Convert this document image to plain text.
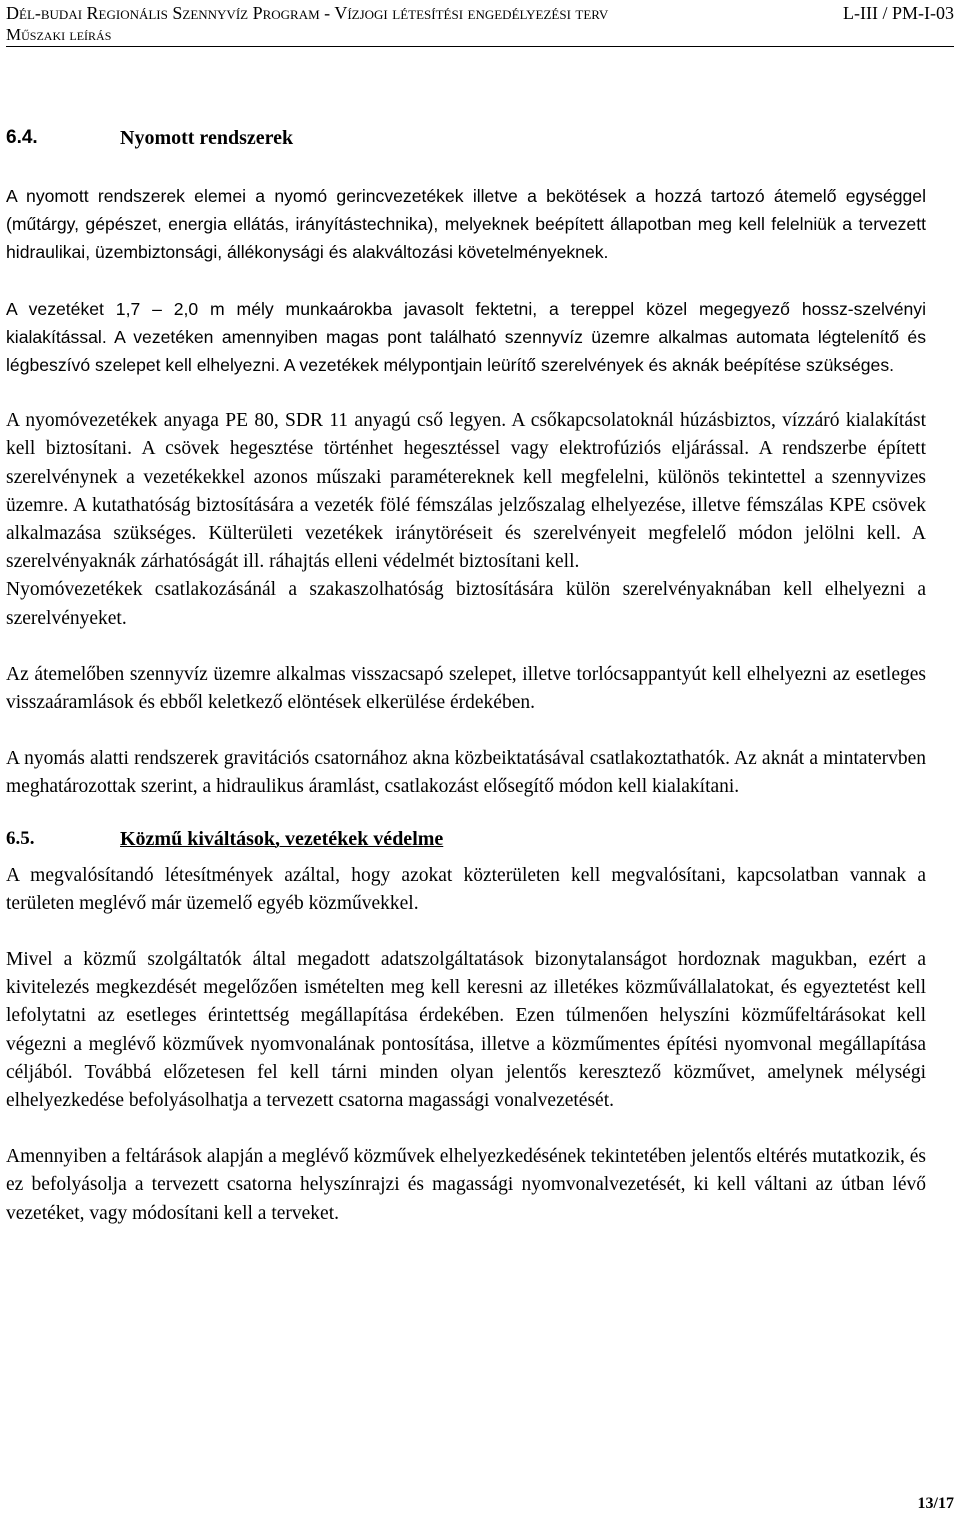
Dél-budai Regionális Szennyvíz Program - Vízjogi létesítési engedélyezési terv	L-III / PM-I-03
Műszaki leírás
6.4.	Nyomott rendszerek

A nyomott rendszerek elemei a nyomó gerincvezetékek illetve a bekötések a hozzá tartozó átemelő egységgel (műtárgy, gépészet, energia ellátás, irányítástechnika), melyeknek beépített állapotban meg kell felelniük a tervezett hidraulikai, üzembiztonsági, állékonysági és alakváltozási követelményeknek.

A vezetéket 1,7 – 2,0 m mély munkaárokba javasolt fektetni, a tereppel közel megegyező hossz-szelvényi kialakítással. A vezetéken amennyiben magas pont található szennyvíz üzemre alkalmas automata légtelenítő és légbeszívó szelepet kell elhelyezni. A vezetékek mélypontjain leürítő szerelvények és aknák beépítése szükséges.

A nyomóvezetékek anyaga PE 80, SDR 11 anyagú cső legyen. A csőkapcsolatoknál húzásbiztos, vízzáró kialakítást kell biztosítani. A csövek hegesztése történhet hegesztéssel vagy elektrofúziós eljárással. A rendszerbe épített szerelvénynek a vezetékekkel azonos műszaki paramétereknek kell megfelelni, különös tekintettel a szennyvizes üzemre. A kutathatóság biztosítására a vezeték fölé fémszálas jelzőszalag elhelyezése, illetve fémszálas KPE csövek alkalmazása szükséges. Külterületi vezetékek iránytöréseit és szerelvényeit megfelelő módon jelölni kell. A szerelvényaknák zárhatóságát ill. ráhajtás elleni védelmét biztosítani kell.

Nyomóvezetékek csatlakozásánál a szakaszolhatóság biztosítására külön szerelvényaknában kell elhelyezni a szerelvényeket.

Az átemelőben szennyvíz üzemre alkalmas visszacsapó szelepet, illetve torlócsappantyút kell elhelyezni az esetleges visszaáramlások és ebből keletkező elöntések elkerülése érdekében.

A nyomás alatti rendszerek gravitációs csatornához akna közbeiktatásával csatlakoztathatók. Az aknát a mintatervben meghatározottak szerint, a hidraulikus áramlást, csatlakozást elősegítő módon kell kialakítani.

6.5.	Közmű kiváltások, vezetékek védelme

A megvalósítandó létesítmények azáltal, hogy azokat közterületen kell megvalósítani, kapcsolatban vannak a területen meglévő már üzemelő egyéb közművekkel.

Mivel a közmű szolgáltatók által megadott adatszolgáltatások bizonytalanságot hordoznak magukban, ezért a kivitelezés megkezdését megelőzően ismételten meg kell keresni az illetékes közművállalatokat, és egyeztetést kell lefolytatni az esetleges érintettség megállapítása érdekében. Ezen túlmenően helyszíni közműfeltárásokat kell végezni a meglévő közművek nyomvonalának pontosítása, illetve a közműmentes építési nyomvonal megállapítása céljából. Továbbá előzetesen fel kell tárni minden olyan jelentős keresztező közművet, amelynek mélységi elhelyezkedése befolyásolhatja a tervezett csatorna magassági vonalvezetését.

Amennyiben a feltárások alapján a meglévő közművek elhelyezkedésének tekintetében jelentős eltérés mutatkozik, és ez befolyásolja a tervezett csatorna helyszínrajzi és magassági nyomvonalvezetését, ki kell váltani az útban lévő vezetéket, vagy módosítani kell a terveket.

13/17
